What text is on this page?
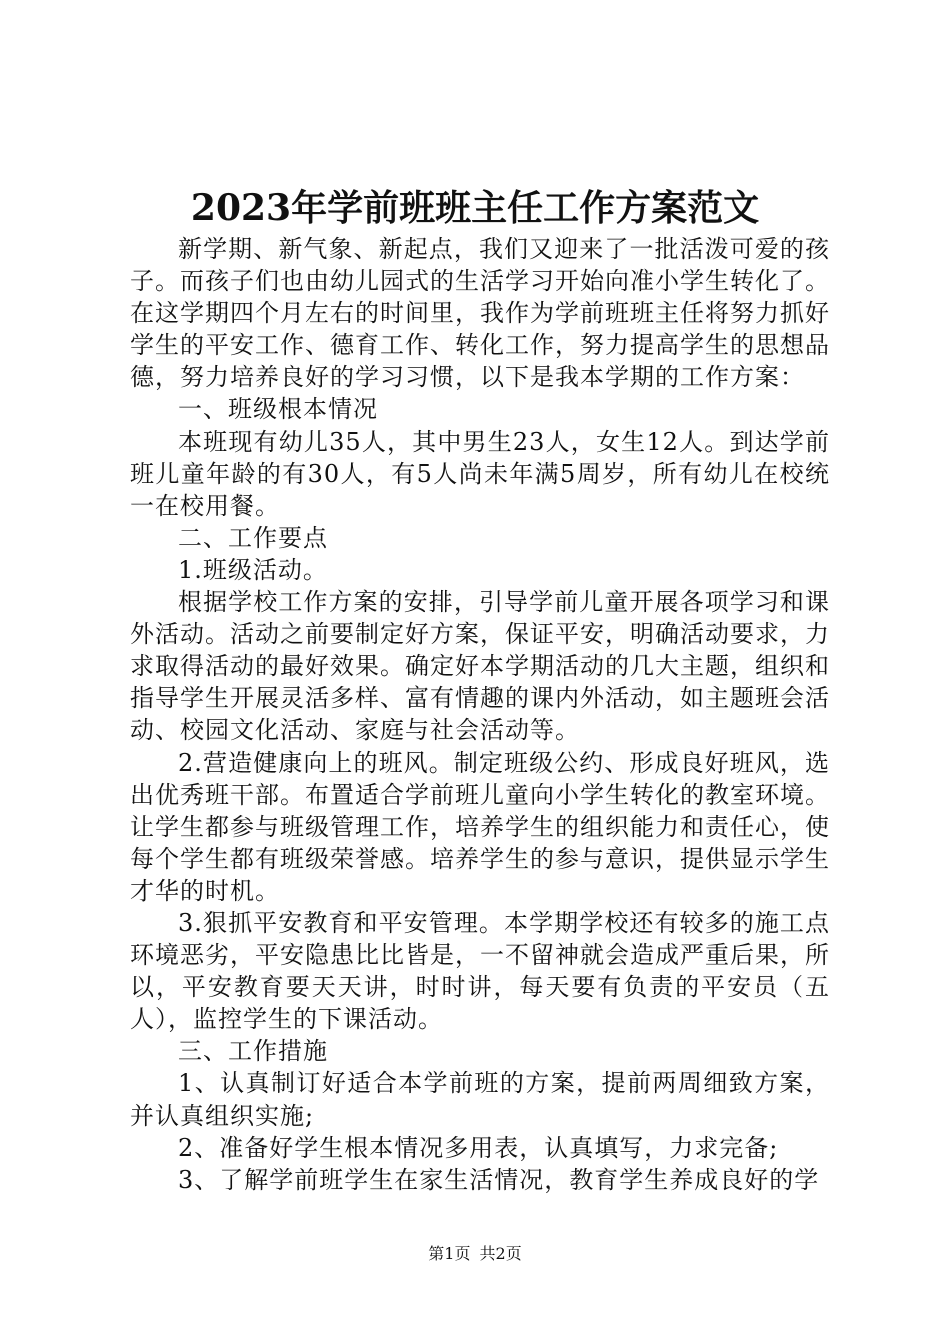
2023年学前班班主任工作方案范文

新学期、新气象、新起点，我们又迎来了一批活泼可爱的孩子。而孩子们也由幼儿园式的生活学习开始向准小学生转化了。在这学期四个月左右的时间里，我作为学前班班主任将努力抓好学生的平安工作、德育工作、转化工作，努力提高学生的思想品德，努力培养良好的学习习惯，以下是我本学期的工作方案：

一、班级根本情况

本班现有幼儿35人，其中男生23人，女生12人。到达学前班儿童年龄的有30人，有5人尚未年满5周岁，所有幼儿在校统一在校用餐。

二、工作要点

1.班级活动。

根据学校工作方案的安排，引导学前儿童开展各项学习和课外活动。活动之前要制定好方案，保证平安，明确活动要求，力求取得活动的最好效果。确定好本学期活动的几大主题，组织和指导学生开展灵活多样、富有情趣的课内外活动，如主题班会活动、校园文化活动、家庭与社会活动等。

2.营造健康向上的班风。制定班级公约、形成良好班风，选出优秀班干部。布置适合学前班儿童向小学生转化的教室环境。让学生都参与班级管理工作，培养学生的组织能力和责任心，使每个学生都有班级荣誉感。培养学生的参与意识，提供显示学生才华的时机。

3.狠抓平安教育和平安管理。本学期学校还有较多的施工点环境恶劣，平安隐患比比皆是，一不留神就会造成严重后果，所以，平安教育要天天讲，时时讲，每天要有负责的平安员（五人），监控学生的下课活动。

三、工作措施

1、认真制订好适合本学前班的方案，提前两周细致方案，并认真组织实施;

2、准备好学生根本情况多用表，认真填写，力求完备;

3、了解学前班学生在家生活情况，教育学生养成良好的学

第1页 共2页
